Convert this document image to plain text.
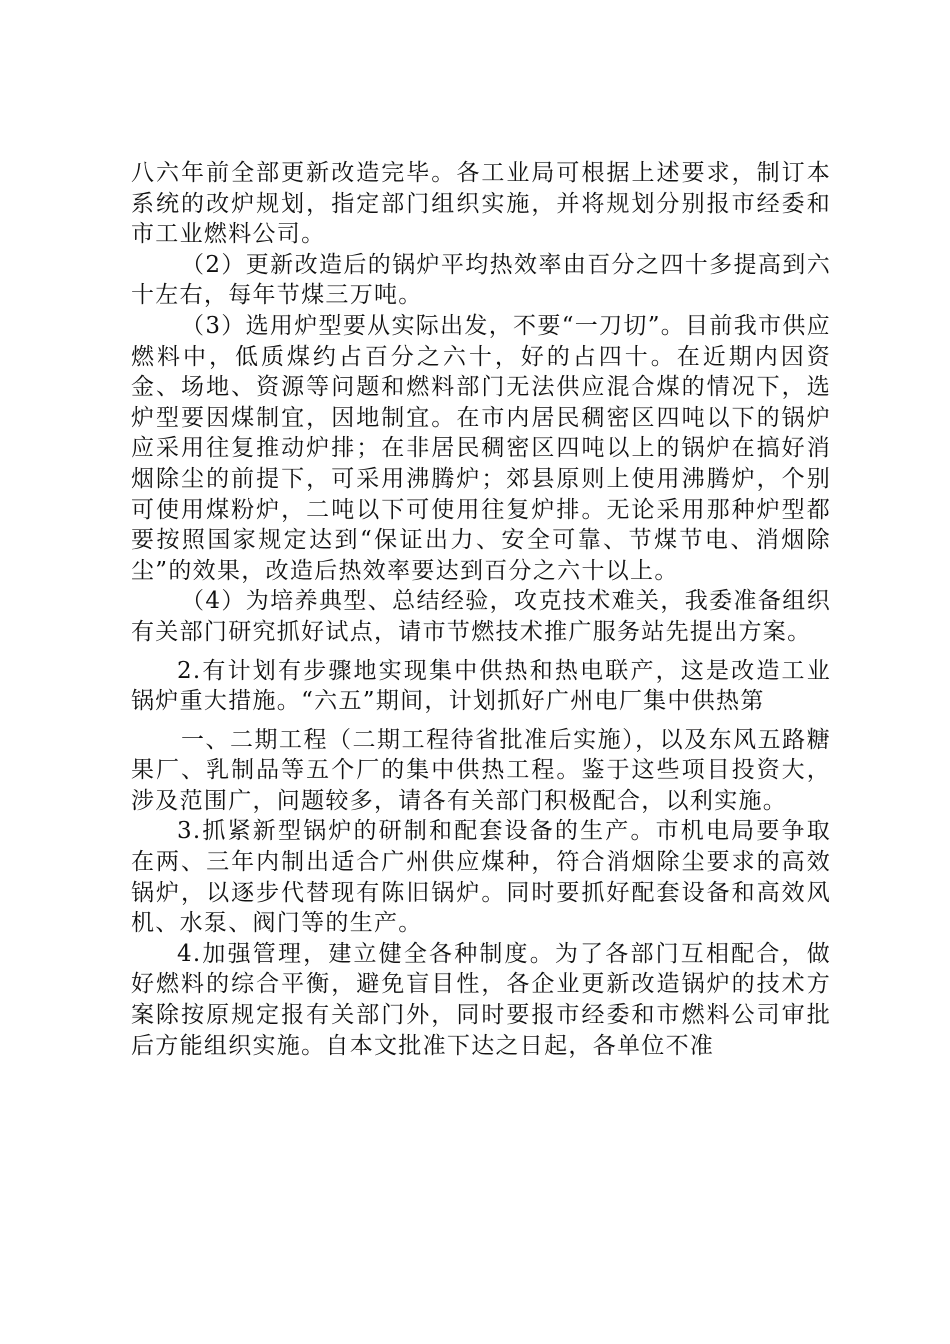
八六年前全部更新改造完毕。各工业局可根据上述要求，制订本系统的改炉规划，指定部门组织实施，并将规划分别报市经委和市工业燃料公司。

（2）更新改造后的锅炉平均热效率由百分之四十多提高到六十左右，每年节煤三万吨。

（3）选用炉型要从实际出发，不要“一刀切”。目前我市供应燃料中，低质煤约占百分之六十，好的占四十。在近期内因资金、场地、资源等问题和燃料部门无法供应混合煤的情况下，选炉型要因煤制宜，因地制宜。在市内居民稠密区四吨以下的锅炉应采用往复推动炉排；在非居民稠密区四吨以上的锅炉在搞好消烟除尘的前提下，可采用沸腾炉；郊县原则上使用沸腾炉，个别可使用煤粉炉，二吨以下可使用往复炉排。无论采用那种炉型都要按照国家规定达到“保证出力、安全可靠、节煤节电、消烟除尘”的效果，改造后热效率要达到百分之六十以上。

（4）为培养典型、总结经验，攻克技术难关，我委准备组织有关部门研究抓好试点，请市节燃技术推广服务站先提出方案。

2.有计划有步骤地实现集中供热和热电联产，这是改造工业锅炉重大措施。“六五”期间，计划抓好广州电厂集中供热第

一、二期工程（二期工程待省批准后实施），以及东风五路糖果厂、乳制品等五个厂的集中供热工程。鉴于这些项目投资大，涉及范围广，问题较多，请各有关部门积极配合，以利实施。

3.抓紧新型锅炉的研制和配套设备的生产。市机电局要争取在两、三年内制出适合广州供应煤种，符合消烟除尘要求的高效锅炉，以逐步代替现有陈旧锅炉。同时要抓好配套设备和高效风机、水泵、阀门等的生产。

4.加强管理，建立健全各种制度。为了各部门互相配合，做好燃料的综合平衡，避免盲目性，各企业更新改造锅炉的技术方案除按原规定报有关部门外，同时要报市经委和市燃料公司审批后方能组织实施。自本文批准下达之日起，各单位不准
